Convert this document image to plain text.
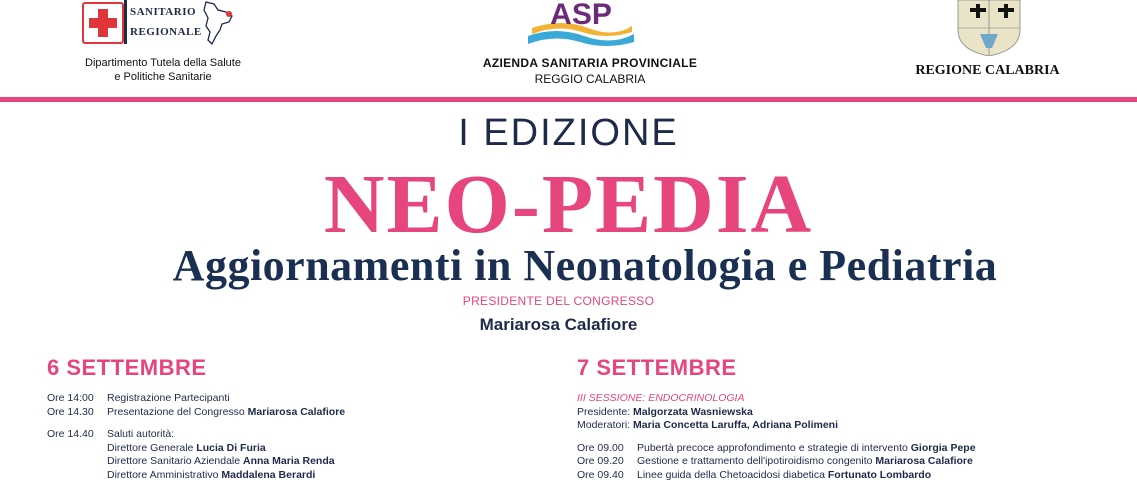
SANITARIO
REGIONALE
Dipartimento Tutela della Salute
e Politiche Sanitarie
ASP
AZIENDA SANITARIA PROVINCIALE
REGGIO CALABRIA
REGIONE CALABRIA
I EDIZIONE
NEO-PEDIA
Aggiornamenti in Neonatologia e Pediatria
PRESIDENTE DEL CONGRESSO
Mariarosa Calafiore
6 SETTEMBRE
Ore 14:00 Registrazione Partecipanti
Ore 14.30 Presentazione del Congresso Mariarosa Calafiore
Ore 14.40 Saluti autorità:
Direttore Generale Lucia Di Furia
Direttore Sanitario Aziendale Anna Maria Renda
Direttore Amministrativo Maddalena Berardi
7 SETTEMBRE
III SESSIONE: ENDOCRINOLOGIA
Presidente: Malgorzata Wasniewska
Moderatori: Maria Concetta Laruffa, Adriana Polimeni
Ore 09.00 Pubertà precoce approfondimento e strategie di intervento Giorgia Pepe
Ore 09.20 Gestione e trattamento dell'ipotiroidismo congenito Mariarosa Calafiore
Ore 09.40 Linee guida della Chetoacidosi diabetica Fortunato Lombardo
